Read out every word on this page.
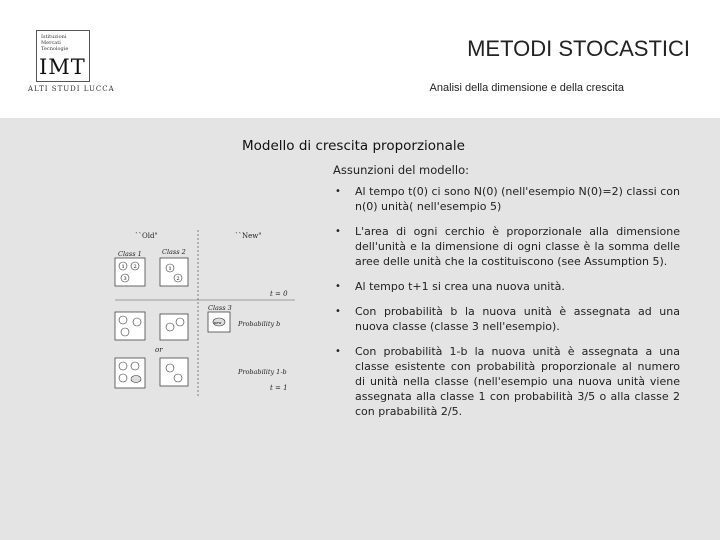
Istituzioni
Mercati
Tecnologie
IMT
ALTI STUDI LUCCA
METODI STOCASTICI
Analisi della dimensione e della crescita
Modello di crescita proporzionale
Assunzioni del modello:
``Old"	``New"
Class 1	Class 2
1 2
3
1
2
t = 0
Class 3
new	Probability b
or
Probability 1-b
t = 1
• Al tempo t(0) ci sono N(0) (nell'esempio N(0)=2) classi con n(0) unità( nell'esempio 5)
• L'area di ogni cerchio è proporzionale alla dimensione dell'unità e la dimensione di ogni classe è la somma delle aree delle unità che la costituiscono (see Assumption 5).
• Al tempo t+1 si crea una nuova unità.
• Con probabilità b la nuova unità è assegnata ad una nuova classe (classe 3 nell'esempio).
• Con probabilità 1-b la nuova unità è assegnata a una classe esistente con probabilità proporzionale al numero di unità nella classe (nell'esempio una nuova unità viene assegnata alla classe 1 con probabilità 3/5 o alla classe 2 con prababilità 2/5.
